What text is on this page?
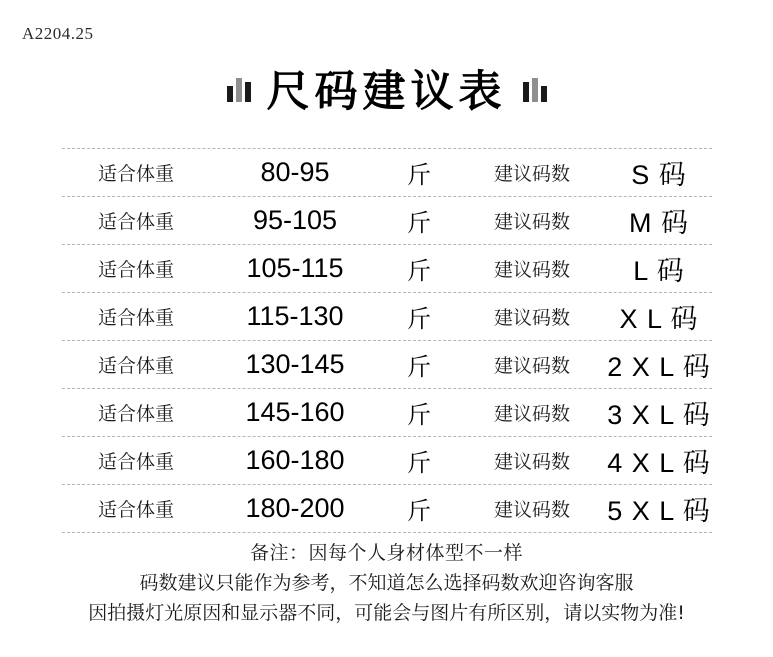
A2204.25
尺码建议表
适合体重	80-95	斤	建议码数	S 码
适合体重	95-105	斤	建议码数	M 码
适合体重	105-115	斤	建议码数	L 码
适合体重	115-130	斤	建议码数	X L 码
适合体重	130-145	斤	建议码数	2 X L 码
适合体重	145-160	斤	建议码数	3 X L 码
适合体重	160-180	斤	建议码数	4 X L 码
适合体重	180-200	斤	建议码数	5 X L 码
备注：因每个人身材体型不一样
码数建议只能作为参考，不知道怎么选择码数欢迎咨询客服
因拍摄灯光原因和显示器不同，可能会与图片有所区别，请以实物为准!
